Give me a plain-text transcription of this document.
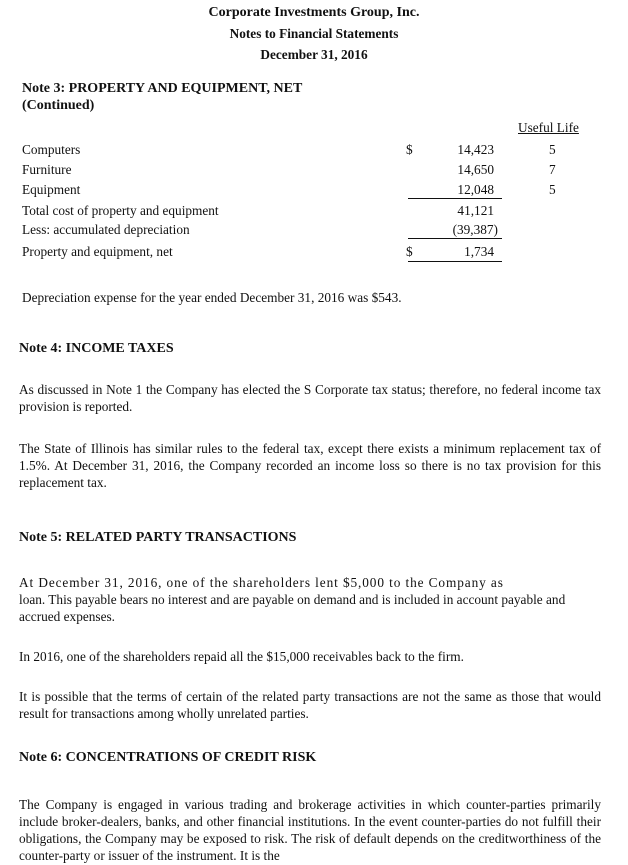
Corporate Investments Group, Inc.
Notes to Financial Statements
December 31, 2016
Note 3: PROPERTY AND EQUIPMENT, NET
(Continued)
Useful Life
Computers	$	14,423	5
Furniture	14,650	7
Equipment	12,048	5
Total cost of property and equipment	41,121
Less: accumulated depreciation	(39,387)
Property and equipment, net	$	1,734
Depreciation expense for the year ended December 31, 2016 was $543.
Note 4: INCOME TAXES
As discussed in Note 1 the Company has elected the S Corporate tax status; therefore, no federal income tax provision is reported.
The State of Illinois has similar rules to the federal tax, except there exists a minimum replacement tax of 1.5%. At December 31, 2016, the Company recorded an income loss so there is no tax provision for this replacement tax.
Note 5: RELATED PARTY TRANSACTIONS
At December 31, 2016, one of the shareholders lent $5,000 to the Company as
loan. This payable bears no interest and are payable on demand and is included in account payable and accrued expenses.
In 2016, one of the shareholders repaid all the $15,000 receivables back to the firm.
It is possible that the terms of certain of the related party transactions are not the same as those that would result for transactions among wholly unrelated parties.
Note 6: CONCENTRATIONS OF CREDIT RISK
The Company is engaged in various trading and brokerage activities in which counter-parties primarily include broker-dealers, banks, and other financial institutions. In the event counter-parties do not fulfill their obligations, the Company may be exposed to risk. The risk of default depends on the creditworthiness of the counter-party or issuer of the instrument. It is the
